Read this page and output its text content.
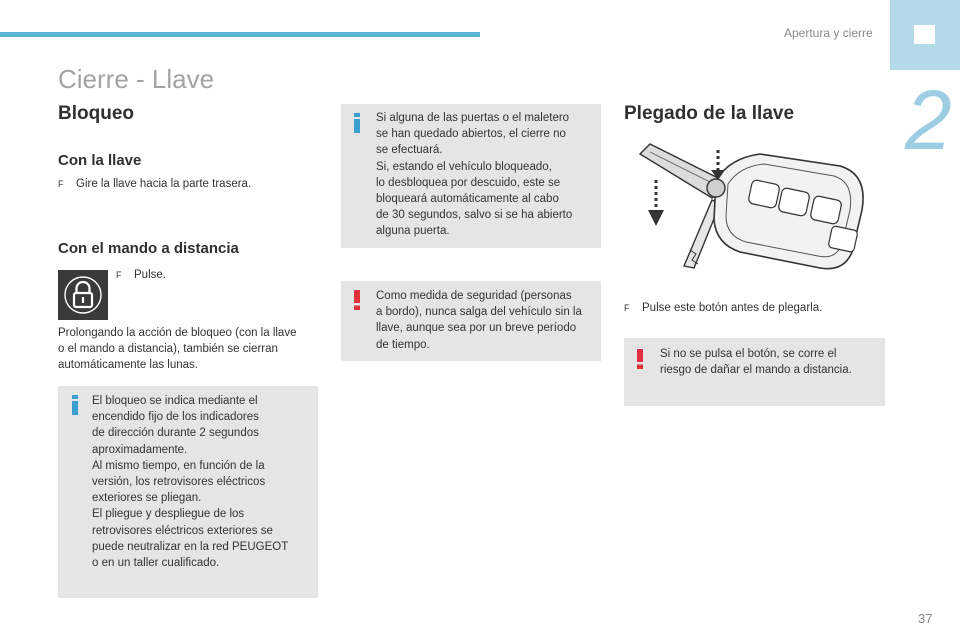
Apertura y cierre
2
Cierre - Llave
Bloqueo
Con la llave
F Gire la llave hacia la parte trasera.
Con el mando a distancia
F Pulse.
Prolongando la acción de bloqueo (con la llave
o el mando a distancia), también se cierran
automáticamente las lunas.
El bloqueo se indica mediante el
encendido fijo de los indicadores
de dirección durante 2 segundos
aproximadamente.
Al mismo tiempo, en función de la
versión, los retrovisores eléctricos
exteriores se pliegan.
El pliegue y despliegue de los
retrovisores eléctricos exteriores se
puede neutralizar en la red PEUGEOT
o en un taller cualificado.
Si alguna de las puertas o el maletero
se han quedado abiertos, el cierre no
se efectuará.
Si, estando el vehículo bloqueado,
lo desbloquea por descuido, este se
bloqueará automáticamente al cabo
de 30 segundos, salvo si se ha abierto
alguna puerta.
Como medida de seguridad (personas
a bordo), nunca salga del vehículo sin la
llave, aunque sea por un breve período
de tiempo.
Plegado de la llave
F Pulse este botón antes de plegarla.
Si no se pulsa el botón, se corre el
riesgo de dañar el mando a distancia.
37
